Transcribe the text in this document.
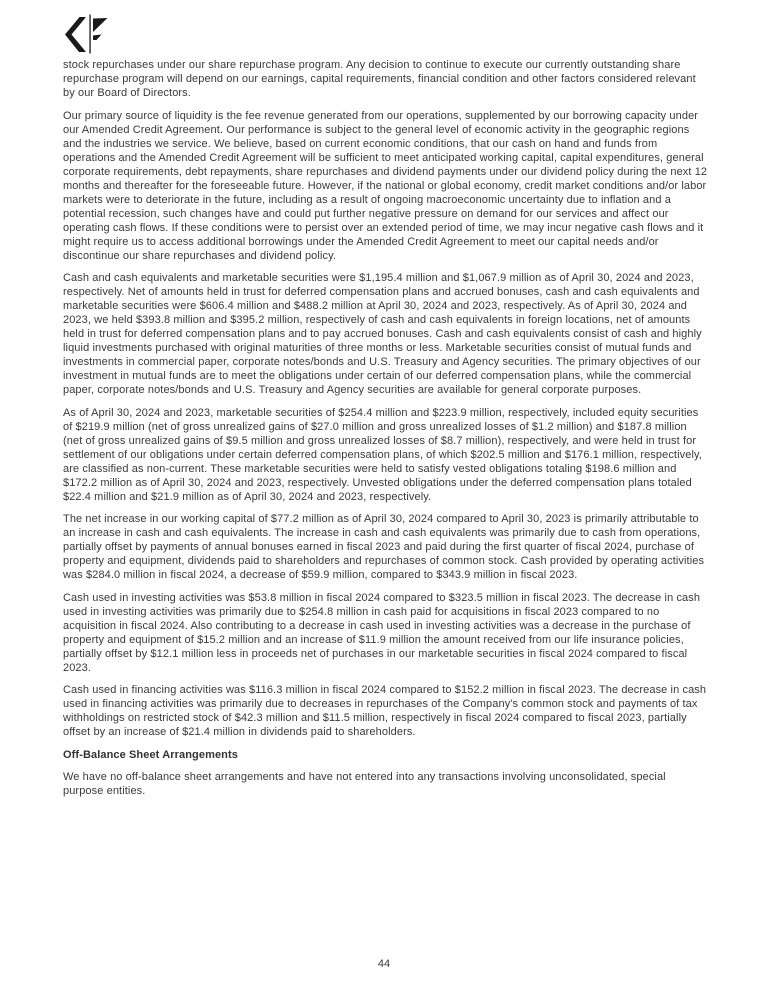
stock repurchases under our share repurchase program. Any decision to continue to execute our currently outstanding share repurchase program will depend on our earnings, capital requirements, financial condition and other factors considered relevant by our Board of Directors.

Our primary source of liquidity is the fee revenue generated from our operations, supplemented by our borrowing capacity under our Amended Credit Agreement. Our performance is subject to the general level of economic activity in the geographic regions and the industries we service. We believe, based on current economic conditions, that our cash on hand and funds from operations and the Amended Credit Agreement will be sufficient to meet anticipated working capital, capital expenditures, general corporate requirements, debt repayments, share repurchases and dividend payments under our dividend policy during the next 12 months and thereafter for the foreseeable future. However, if the national or global economy, credit market conditions and/or labor markets were to deteriorate in the future, including as a result of ongoing macroeconomic uncertainty due to inflation and a potential recession, such changes have and could put further negative pressure on demand for our services and affect our operating cash flows. If these conditions were to persist over an extended period of time, we may incur negative cash flows and it might require us to access additional borrowings under the Amended Credit Agreement to meet our capital needs and/or discontinue our share repurchases and dividend policy.

Cash and cash equivalents and marketable securities were $1,195.4 million and $1,067.9 million as of April 30, 2024 and 2023, respectively. Net of amounts held in trust for deferred compensation plans and accrued bonuses, cash and cash equivalents and marketable securities were $606.4 million and $488.2 million at April 30, 2024 and 2023, respectively. As of April 30, 2024 and 2023, we held $393.8 million and $395.2 million, respectively of cash and cash equivalents in foreign locations, net of amounts held in trust for deferred compensation plans and to pay accrued bonuses. Cash and cash equivalents consist of cash and highly liquid investments purchased with original maturities of three months or less. Marketable securities consist of mutual funds and investments in commercial paper, corporate notes/bonds and U.S. Treasury and Agency securities. The primary objectives of our investment in mutual funds are to meet the obligations under certain of our deferred compensation plans, while the commercial paper, corporate notes/bonds and U.S. Treasury and Agency securities are available for general corporate purposes.

As of April 30, 2024 and 2023, marketable securities of $254.4 million and $223.9 million, respectively, included equity securities of $219.9 million (net of gross unrealized gains of $27.0 million and gross unrealized losses of $1.2 million) and $187.8 million (net of gross unrealized gains of $9.5 million and gross unrealized losses of $8.7 million), respectively, and were held in trust for settlement of our obligations under certain deferred compensation plans, of which $202.5 million and $176.1 million, respectively, are classified as non-current. These marketable securities were held to satisfy vested obligations totaling $198.6 million and $172.2 million as of April 30, 2024 and 2023, respectively. Unvested obligations under the deferred compensation plans totaled $22.4 million and $21.9 million as of April 30, 2024 and 2023, respectively.

The net increase in our working capital of $77.2 million as of April 30, 2024 compared to April 30, 2023 is primarily attributable to an increase in cash and cash equivalents. The increase in cash and cash equivalents was primarily due to cash from operations, partially offset by payments of annual bonuses earned in fiscal 2023 and paid during the first quarter of fiscal 2024, purchase of property and equipment, dividends paid to shareholders and repurchases of common stock. Cash provided by operating activities was $284.0 million in fiscal 2024, a decrease of $59.9 million, compared to $343.9 million in fiscal 2023.

Cash used in investing activities was $53.8 million in fiscal 2024 compared to $323.5 million in fiscal 2023. The decrease in cash used in investing activities was primarily due to $254.8 million in cash paid for acquisitions in fiscal 2023 compared to no acquisition in fiscal 2024. Also contributing to a decrease in cash used in investing activities was a decrease in the purchase of property and equipment of $15.2 million and an increase of $11.9 million the amount received from our life insurance policies, partially offset by $12.1 million less in proceeds net of purchases in our marketable securities in fiscal 2024 compared to fiscal 2023.

Cash used in financing activities was $116.3 million in fiscal 2024 compared to $152.2 million in fiscal 2023. The decrease in cash used in financing activities was primarily due to decreases in repurchases of the Company's common stock and payments of tax withholdings on restricted stock of $42.3 million and $11.5 million, respectively in fiscal 2024 compared to fiscal 2023, partially offset by an increase of $21.4 million in dividends paid to shareholders.

Off-Balance Sheet Arrangements

We have no off-balance sheet arrangements and have not entered into any transactions involving unconsolidated, special purpose entities.

44
